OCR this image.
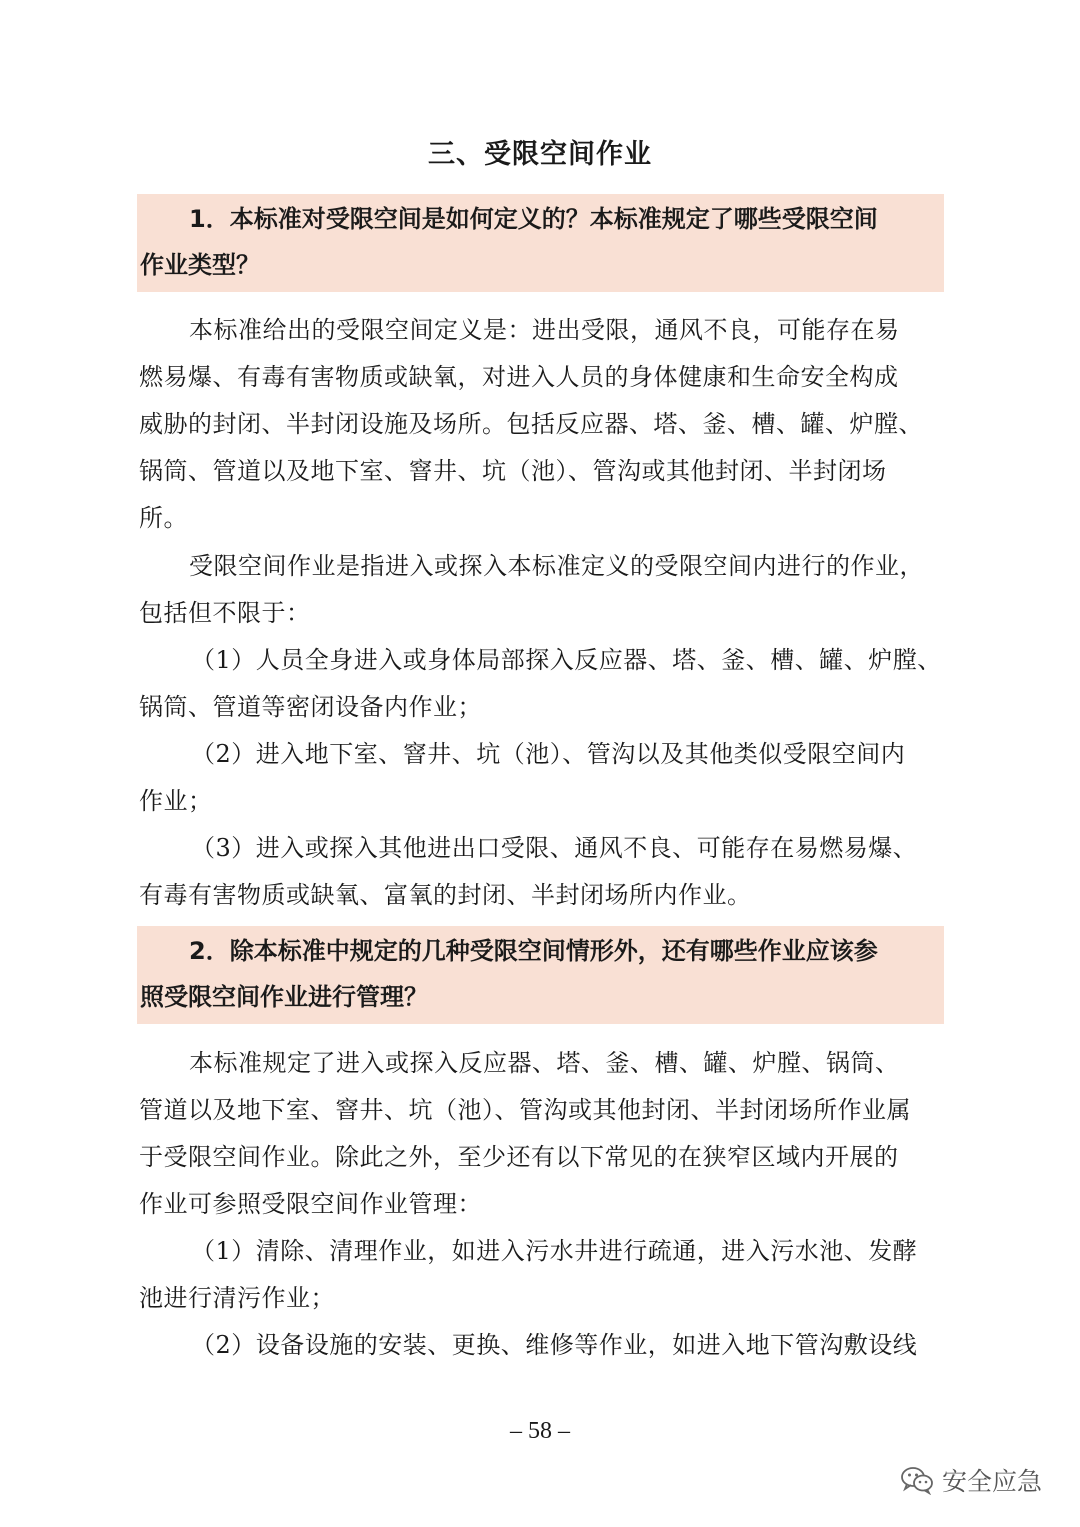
三、受限空间作业
1．本标准对受限空间是如何定义的？本标准规定了哪些受限空间
作业类型？
本标准给出的受限空间定义是：进出受限，通风不良，可能存在易
燃易爆、有毒有害物质或缺氧，对进入人员的身体健康和生命安全构成
威胁的封闭、半封闭设施及场所。包括反应器、塔、釜、槽、罐、炉膛、
锅筒、管道以及地下室、窨井、坑（池）、管沟或其他封闭、半封闭场
所。
受限空间作业是指进入或探入本标准定义的受限空间内进行的作业，
包括但不限于：
（1）人员全身进入或身体局部探入反应器、塔、釜、槽、罐、炉膛、
锅筒、管道等密闭设备内作业；
（2）进入地下室、窨井、坑（池）、管沟以及其他类似受限空间内
作业；
（3）进入或探入其他进出口受限、通风不良、可能存在易燃易爆、
有毒有害物质或缺氧、富氧的封闭、半封闭场所内作业。
2．除本标准中规定的几种受限空间情形外，还有哪些作业应该参
照受限空间作业进行管理？
本标准规定了进入或探入反应器、塔、釜、槽、罐、炉膛、锅筒、
管道以及地下室、窨井、坑（池）、管沟或其他封闭、半封闭场所作业属
于受限空间作业。除此之外，至少还有以下常见的在狭窄区域内开展的
作业可参照受限空间作业管理：
（1）清除、清理作业，如进入污水井进行疏通，进入污水池、发酵
池进行清污作业；
（2）设备设施的安装、更换、维修等作业，如进入地下管沟敷设线
– 58 –
安全应急
